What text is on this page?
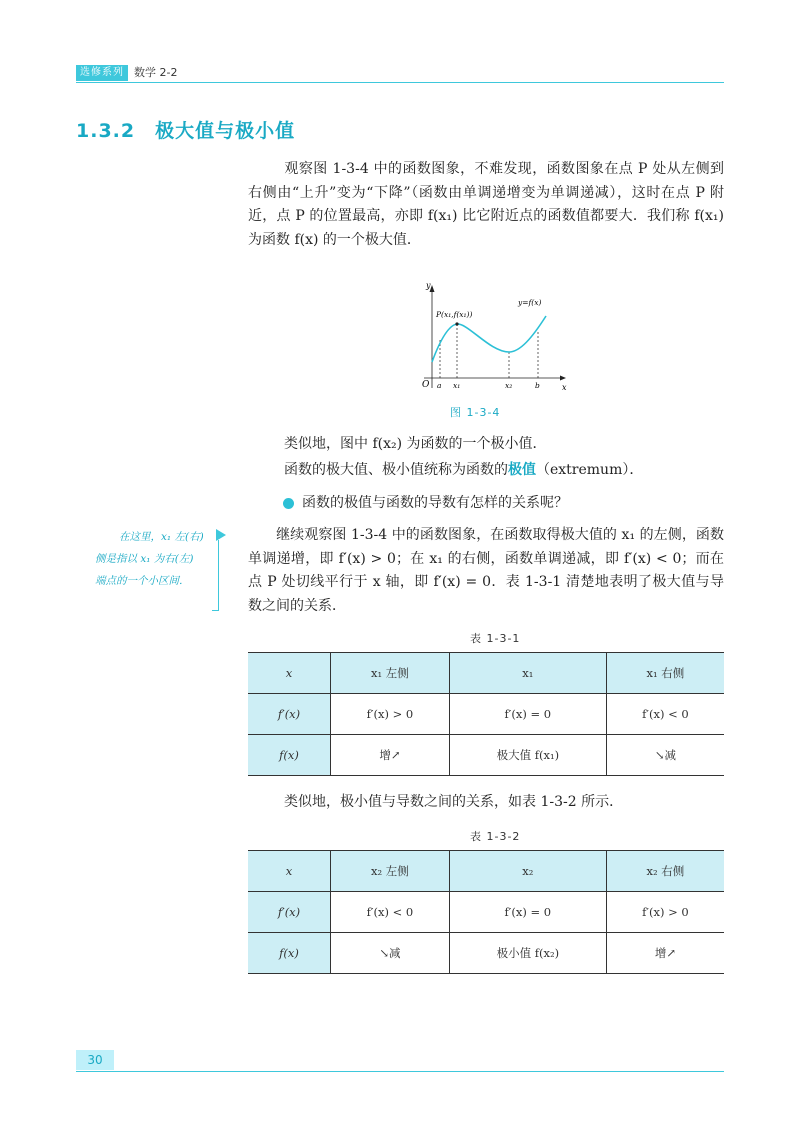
选修系列 数学 2-2
1.3.2 极大值与极小值
观察图 1-3-4 中的函数图象，不难发现，函数图象在点 P 处从左侧到右侧由“上升”变为“下降”（函数由单调递增变为单调递减），这时在点 P 附近，点 P 的位置最高，亦即 f(x₁) 比它附近点的函数值都要大．我们称 f(x₁) 为函数 f(x) 的一个极大值．
y
x
O
P(x₁,f(x₁))
y=f(x)
a x₁	x₂	b
图 1-3-4
类似地，图中 f(x₂) 为函数的一个极小值．
函数的极大值、极小值统称为函数的极值（extremum）．
函数的极值与函数的导数有怎样的关系呢？
在这里，x₁ 左(右) 侧是指以 x₁ 为右(左) 端点的一个小区间．
继续观察图 1-3-4 中的函数图象，在函数取得极大值的 x₁ 的左侧，函数单调递增，即 f′(x) > 0；在 x₁ 的右侧，函数单调递减，即 f′(x) < 0；而在点 P 处切线平行于 x 轴，即 f′(x) = 0．表 1-3-1 清楚地表明了极大值与导数之间的关系．
表 1-3-1
x	x₁ 左侧	x₁	x₁ 右侧
f′(x)	f′(x) > 0	f′(x) = 0	f′(x) < 0
f(x)	增↗	极大值 f(x₁)	↘减
类似地，极小值与导数之间的关系，如表 1-3-2 所示．
表 1-3-2
x	x₂ 左侧	x₂	x₂ 右侧
f′(x)	f′(x) < 0	f′(x) = 0	f′(x) > 0
f(x)	↘减	极小值 f(x₂)	增↗
30
